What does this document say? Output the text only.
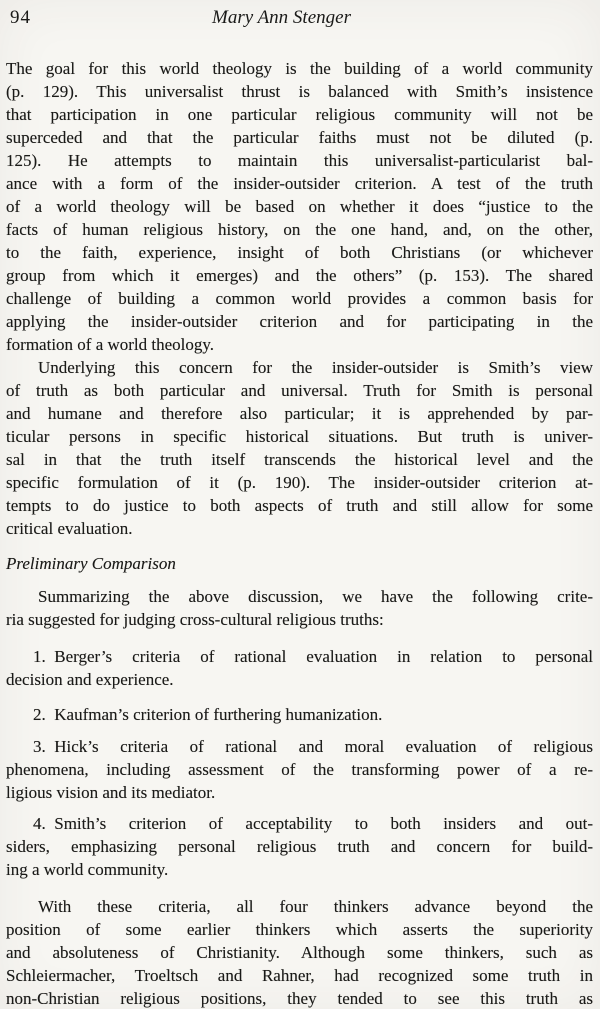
94	Mary Ann Stenger
The goal for this world theology is the building of a world community
(p. 129). This universalist thrust is balanced with Smith’s insistence
that participation in one particular religious community will not be
superceded and that the particular faiths must not be diluted (p.
125). He attempts to maintain this universalist-particularist bal-
ance with a form of the insider-outsider criterion. A test of the truth
of a world theology will be based on whether it does “justice to the
facts of human religious history, on the one hand, and, on the other,
to the faith, experience, insight of both Christians (or whichever
group from which it emerges) and the others” (p. 153). The shared
challenge of building a common world provides a common basis for
applying the insider-outsider criterion and for participating in the
formation of a world theology.
Underlying this concern for the insider-outsider is Smith’s view
of truth as both particular and universal. Truth for Smith is personal
and humane and therefore also particular; it is apprehended by par-
ticular persons in specific historical situations. But truth is univer-
sal in that the truth itself transcends the historical level and the
specific formulation of it (p. 190). The insider-outsider criterion at-
tempts to do justice to both aspects of truth and still allow for some
critical evaluation.
Preliminary Comparison
Summarizing the above discussion, we have the following crite-
ria suggested for judging cross-cultural religious truths:
1. Berger’s criteria of rational evaluation in relation to personal
decision and experience.
2. Kaufman’s criterion of furthering humanization.
3. Hick’s criteria of rational and moral evaluation of religious
phenomena, including assessment of the transforming power of a re-
ligious vision and its mediator.
4. Smith’s criterion of acceptability to both insiders and out-
siders, emphasizing personal religious truth and concern for build-
ing a world community.
With these criteria, all four thinkers advance beyond the
position of some earlier thinkers which asserts the superiority
and absoluteness of Christianity. Although some thinkers, such as
Schleiermacher, Troeltsch and Rahner, had recognized some truth in
non-Christian religious positions, they tended to see this truth as
